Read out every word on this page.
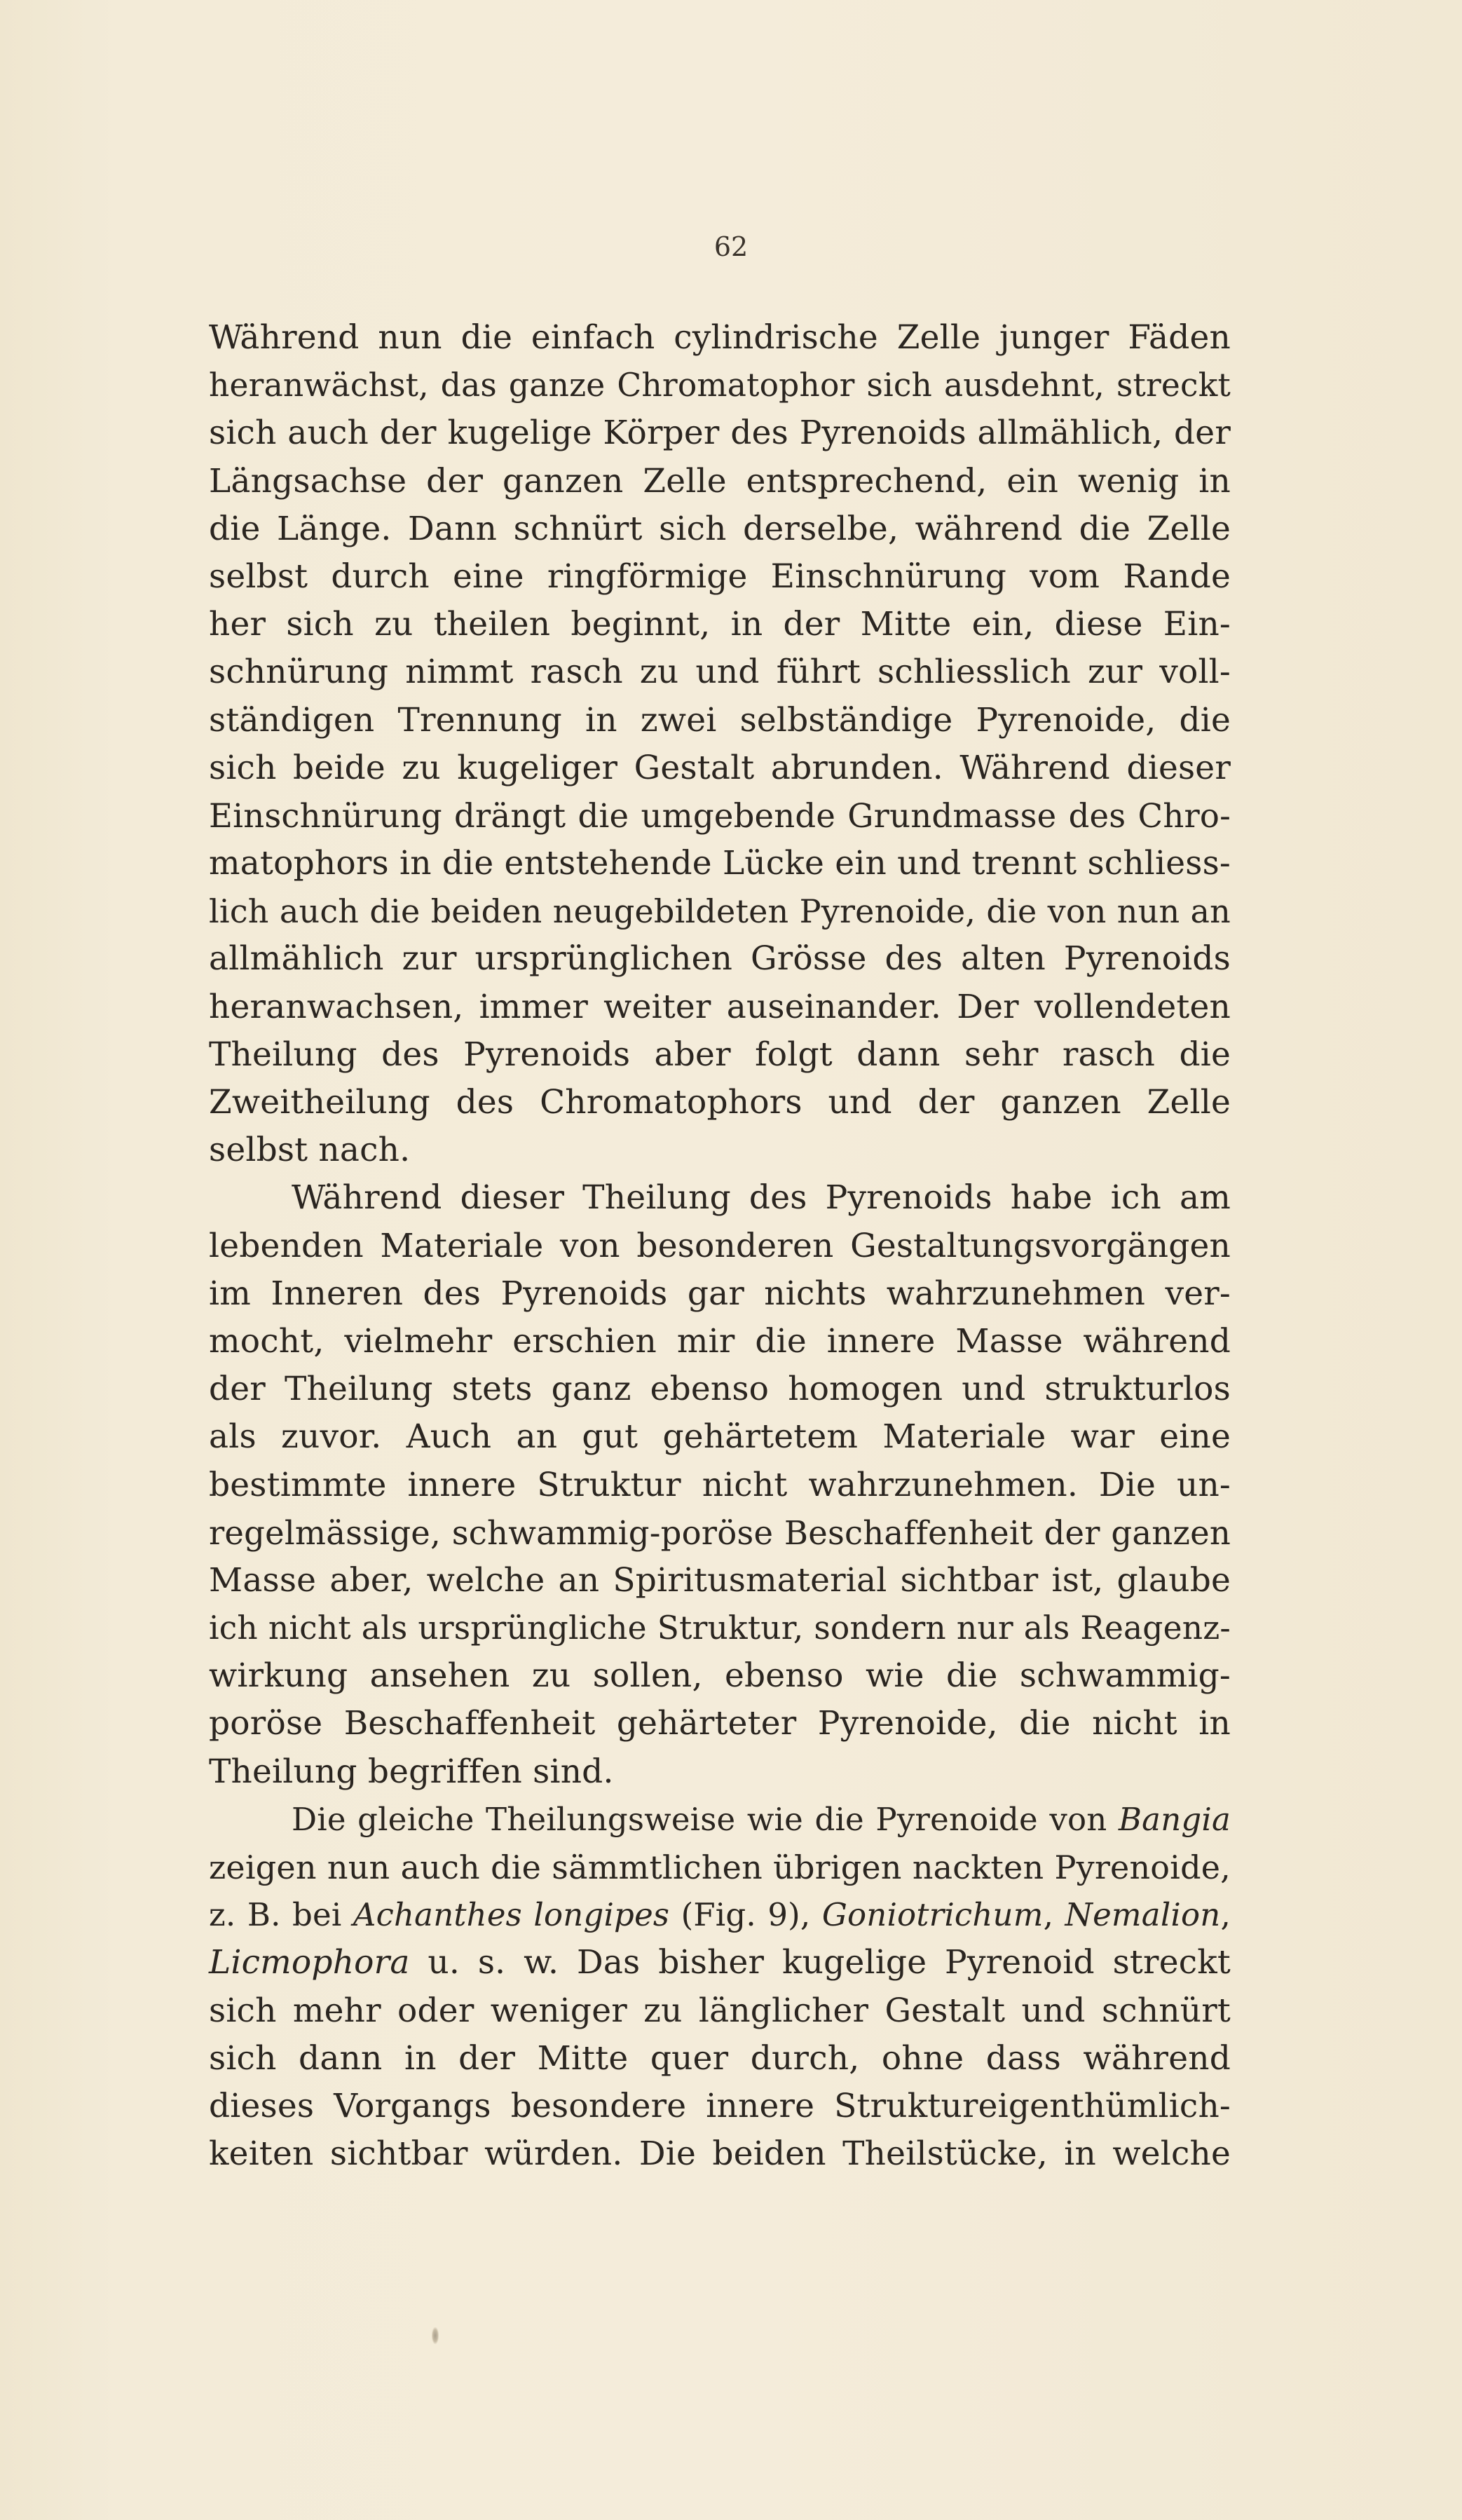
62
Während nun die einfach cylindrische Zelle junger Fäden
heranwächst, das ganze Chromatophor sich ausdehnt, streckt
sich auch der kugelige Körper des Pyrenoids allmählich, der
Längsachse der ganzen Zelle entsprechend, ein wenig in
die Länge. Dann schnürt sich derselbe, während die Zelle
selbst durch eine ringförmige Einschnürung vom Rande
her sich zu theilen beginnt, in der Mitte ein, diese Ein-
schnürung nimmt rasch zu und führt schliesslich zur voll-
ständigen Trennung in zwei selbständige Pyrenoide, die
sich beide zu kugeliger Gestalt abrunden. Während dieser
Einschnürung drängt die umgebende Grundmasse des Chro-
matophors in die entstehende Lücke ein und trennt schliess-
lich auch die beiden neugebildeten Pyrenoide, die von nun an
allmählich zur ursprünglichen Grösse des alten Pyrenoids
heranwachsen, immer weiter auseinander. Der vollendeten
Theilung des Pyrenoids aber folgt dann sehr rasch die
Zweitheilung des Chromatophors und der ganzen Zelle
selbst nach.
Während dieser Theilung des Pyrenoids habe ich am
lebenden Materiale von besonderen Gestaltungsvorgängen
im Inneren des Pyrenoids gar nichts wahrzunehmen ver-
mocht, vielmehr erschien mir die innere Masse während
der Theilung stets ganz ebenso homogen und strukturlos
als zuvor. Auch an gut gehärtetem Materiale war eine
bestimmte innere Struktur nicht wahrzunehmen. Die un-
regelmässige, schwammig-poröse Beschaffenheit der ganzen
Masse aber, welche an Spiritusmaterial sichtbar ist, glaube
ich nicht als ursprüngliche Struktur, sondern nur als Reagenz-
wirkung ansehen zu sollen, ebenso wie die schwammig-
poröse Beschaffenheit gehärteter Pyrenoide, die nicht in
Theilung begriffen sind.
Die gleiche Theilungsweise wie die Pyrenoide von Bangia
zeigen nun auch die sämmtlichen übrigen nackten Pyrenoide,
z. B. bei Achanthes longipes (Fig. 9), Goniotrichum, Nemalion,
Licmophora u. s. w. Das bisher kugelige Pyrenoid streckt
sich mehr oder weniger zu länglicher Gestalt und schnürt
sich dann in der Mitte quer durch, ohne dass während
dieses Vorgangs besondere innere Struktureigenthümlich-
keiten sichtbar würden. Die beiden Theilstücke, in welche
